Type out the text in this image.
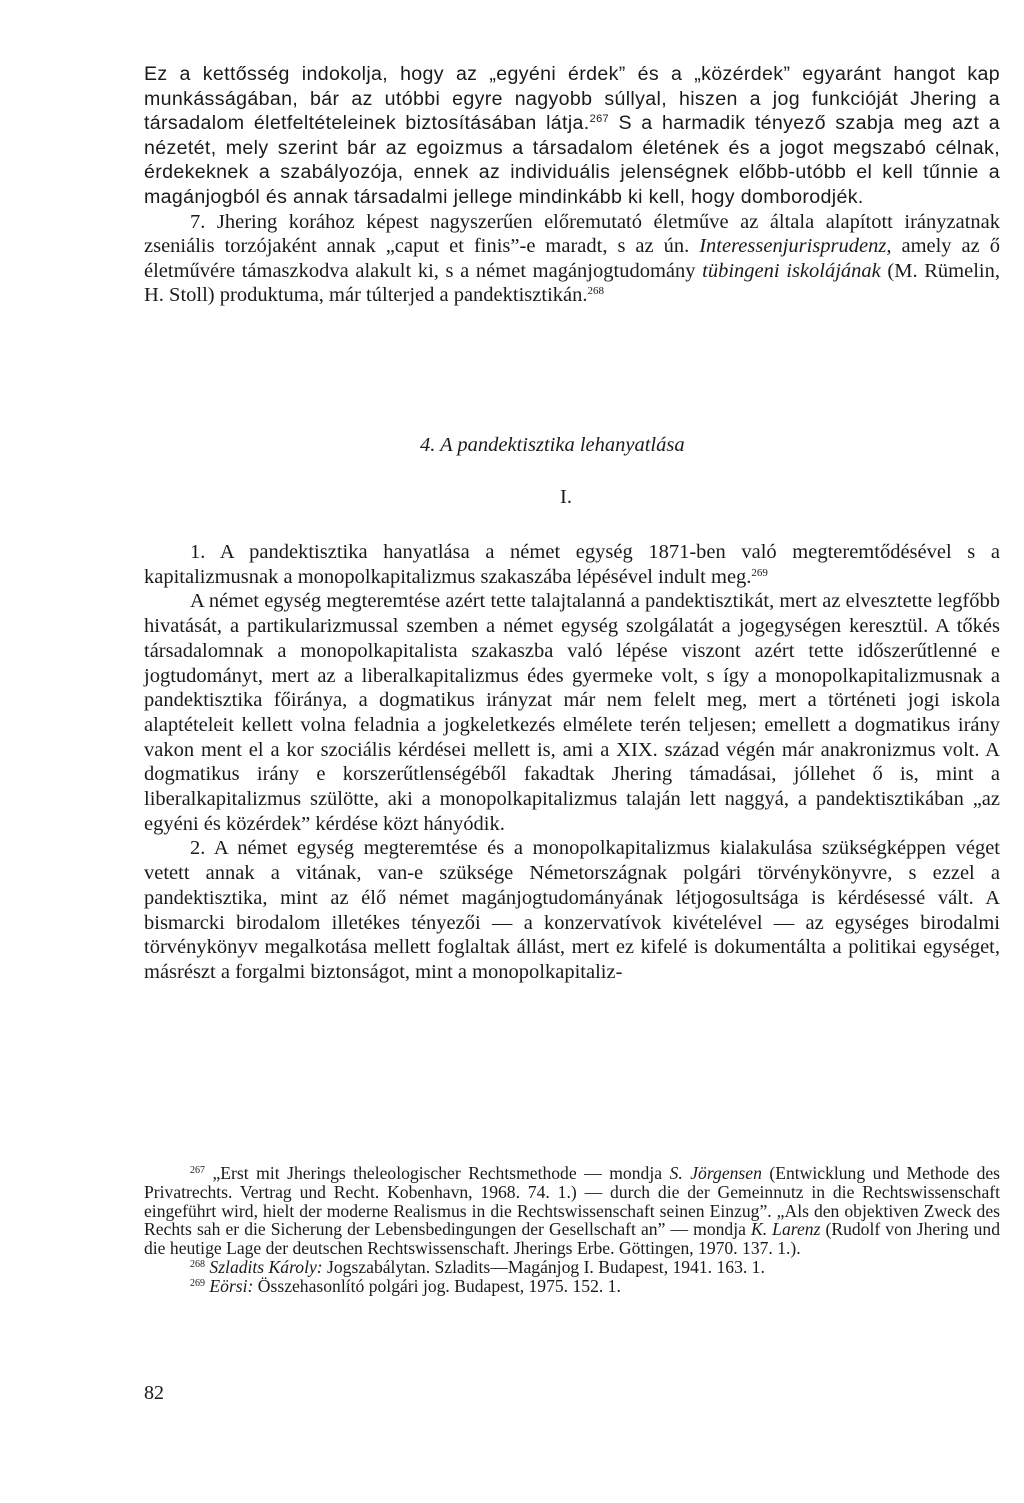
Ez a kettősség indokolja, hogy az „egyéni érdek” és a „közérdek” egyaránt hangot kap munkásságában, bár az utóbbi egyre nagyobb súllyal, hiszen a jog funkcióját Jhering a társadalom életfeltételeinek biztosításában látja.$^{267}$ S a harmadik tényező szabja meg azt a nézetét, mely szerint bár az egoizmus a társadalom életének és a jogot megszabó célnak, érdekeknek a szabályozója, ennek az individuális jelenségnek előbb-utóbb el kell tűnnie a magánjogból és annak társadalmi jellege mindinkább ki kell, hogy domborodjék.

7. Jhering korához képest nagyszerűen előremutató életműve az általa alapított irányzatnak zseniális torzójaként annak „caput et finis”-e maradt, s az ún. Interessenjurisprudenz, amely az ő életművére támaszkodva alakult ki, s a német magánjogtudomány tübingeni iskolájának (M. Rümelin, H. Stoll) produktuma, már túlterjed a pandektisztikán.$^{268}$

4. A pandektisztika lehanyatlása
I.

1. A pandektisztika hanyatlása a német egység 1871-ben való megteremtődésével s a kapitalizmusnak a monopolkapitalizmus szakaszába lépésével indult meg.$^{269}$

A német egység megteremtése azért tette talajtalanná a pandektisztikát, mert az elvesztette legfőbb hivatását, a partikularizmussal szemben a német egység szolgálatát a jogegységen keresztül. A tőkés társadalomnak a monopolkapitalista szakaszba való lépése viszont azért tette időszerűtlenné e jogtudományt, mert az a liberalkapitalizmus édes gyermeke volt, s így a monopolkapitalizmusnak a pandektisztika főiránya, a dogmatikus irányzat már nem felelt meg, mert a történeti jogi iskola alaptételeit kellett volna feladnia a jogkeletkezés elmélete terén teljesen; emellett a dogmatikus irány vakon ment el a kor szociális kérdései mellett is, ami a XIX. század végén már anakronizmus volt. A dogmatikus irány e korszerűtlenségéből fakadtak Jhering támadásai, jóllehet ő is, mint a liberalkapitalizmus szülötte, aki a monopolkapitalizmus talaján lett naggyá, a pandektisztikában „az egyéni és közérdek” kérdése közt hányódik.

2. A német egység megteremtése és a monopolkapitalizmus kialakulása szükségképpen véget vetett annak a vitának, van-e szüksége Németországnak polgári törvénykönyvre, s ezzel a pandektisztika, mint az élő német magánjogtudományának létjogosultsága is kérdésessé vált. A bismarcki birodalom illetékes tényezői — a konzervatívok kivételével — az egységes birodalmi törvénykönyv megalkotása mellett foglaltak állást, mert ez kifelé is dokumentálta a politikai egységet, másrészt a forgalmi biztonságot, mint a monopolkapitaliz-

$^{267}$ „Erst mit Jherings theleologischer Rechtsmethode — mondja S. Jörgensen (Entwicklung und Methode des Privatrechts. Vertrag und Recht. Kobenhavn, 1968. 74. 1.) — durch die der Gemeinnutz in die Rechtswissenschaft eingeführt wird, hielt der moderne Realismus in die Rechtswissenschaft seinen Einzug”. „Als den objektiven Zweck des Rechts sah er die Sicherung der Lebensbedingungen der Gesellschaft an” — mondja K. Larenz (Rudolf von Jhering und die heutige Lage der deutschen Rechtswissenschaft. Jherings Erbe. Göttingen, 1970. 137. 1.).

$^{268}$ Szladits Károly: Jogszabálytan. Szladits—Magánjog I. Budapest, 1941. 163. 1.

$^{269}$ Eörsi: Összehasonlító polgári jog. Budapest, 1975. 152. 1.

82
